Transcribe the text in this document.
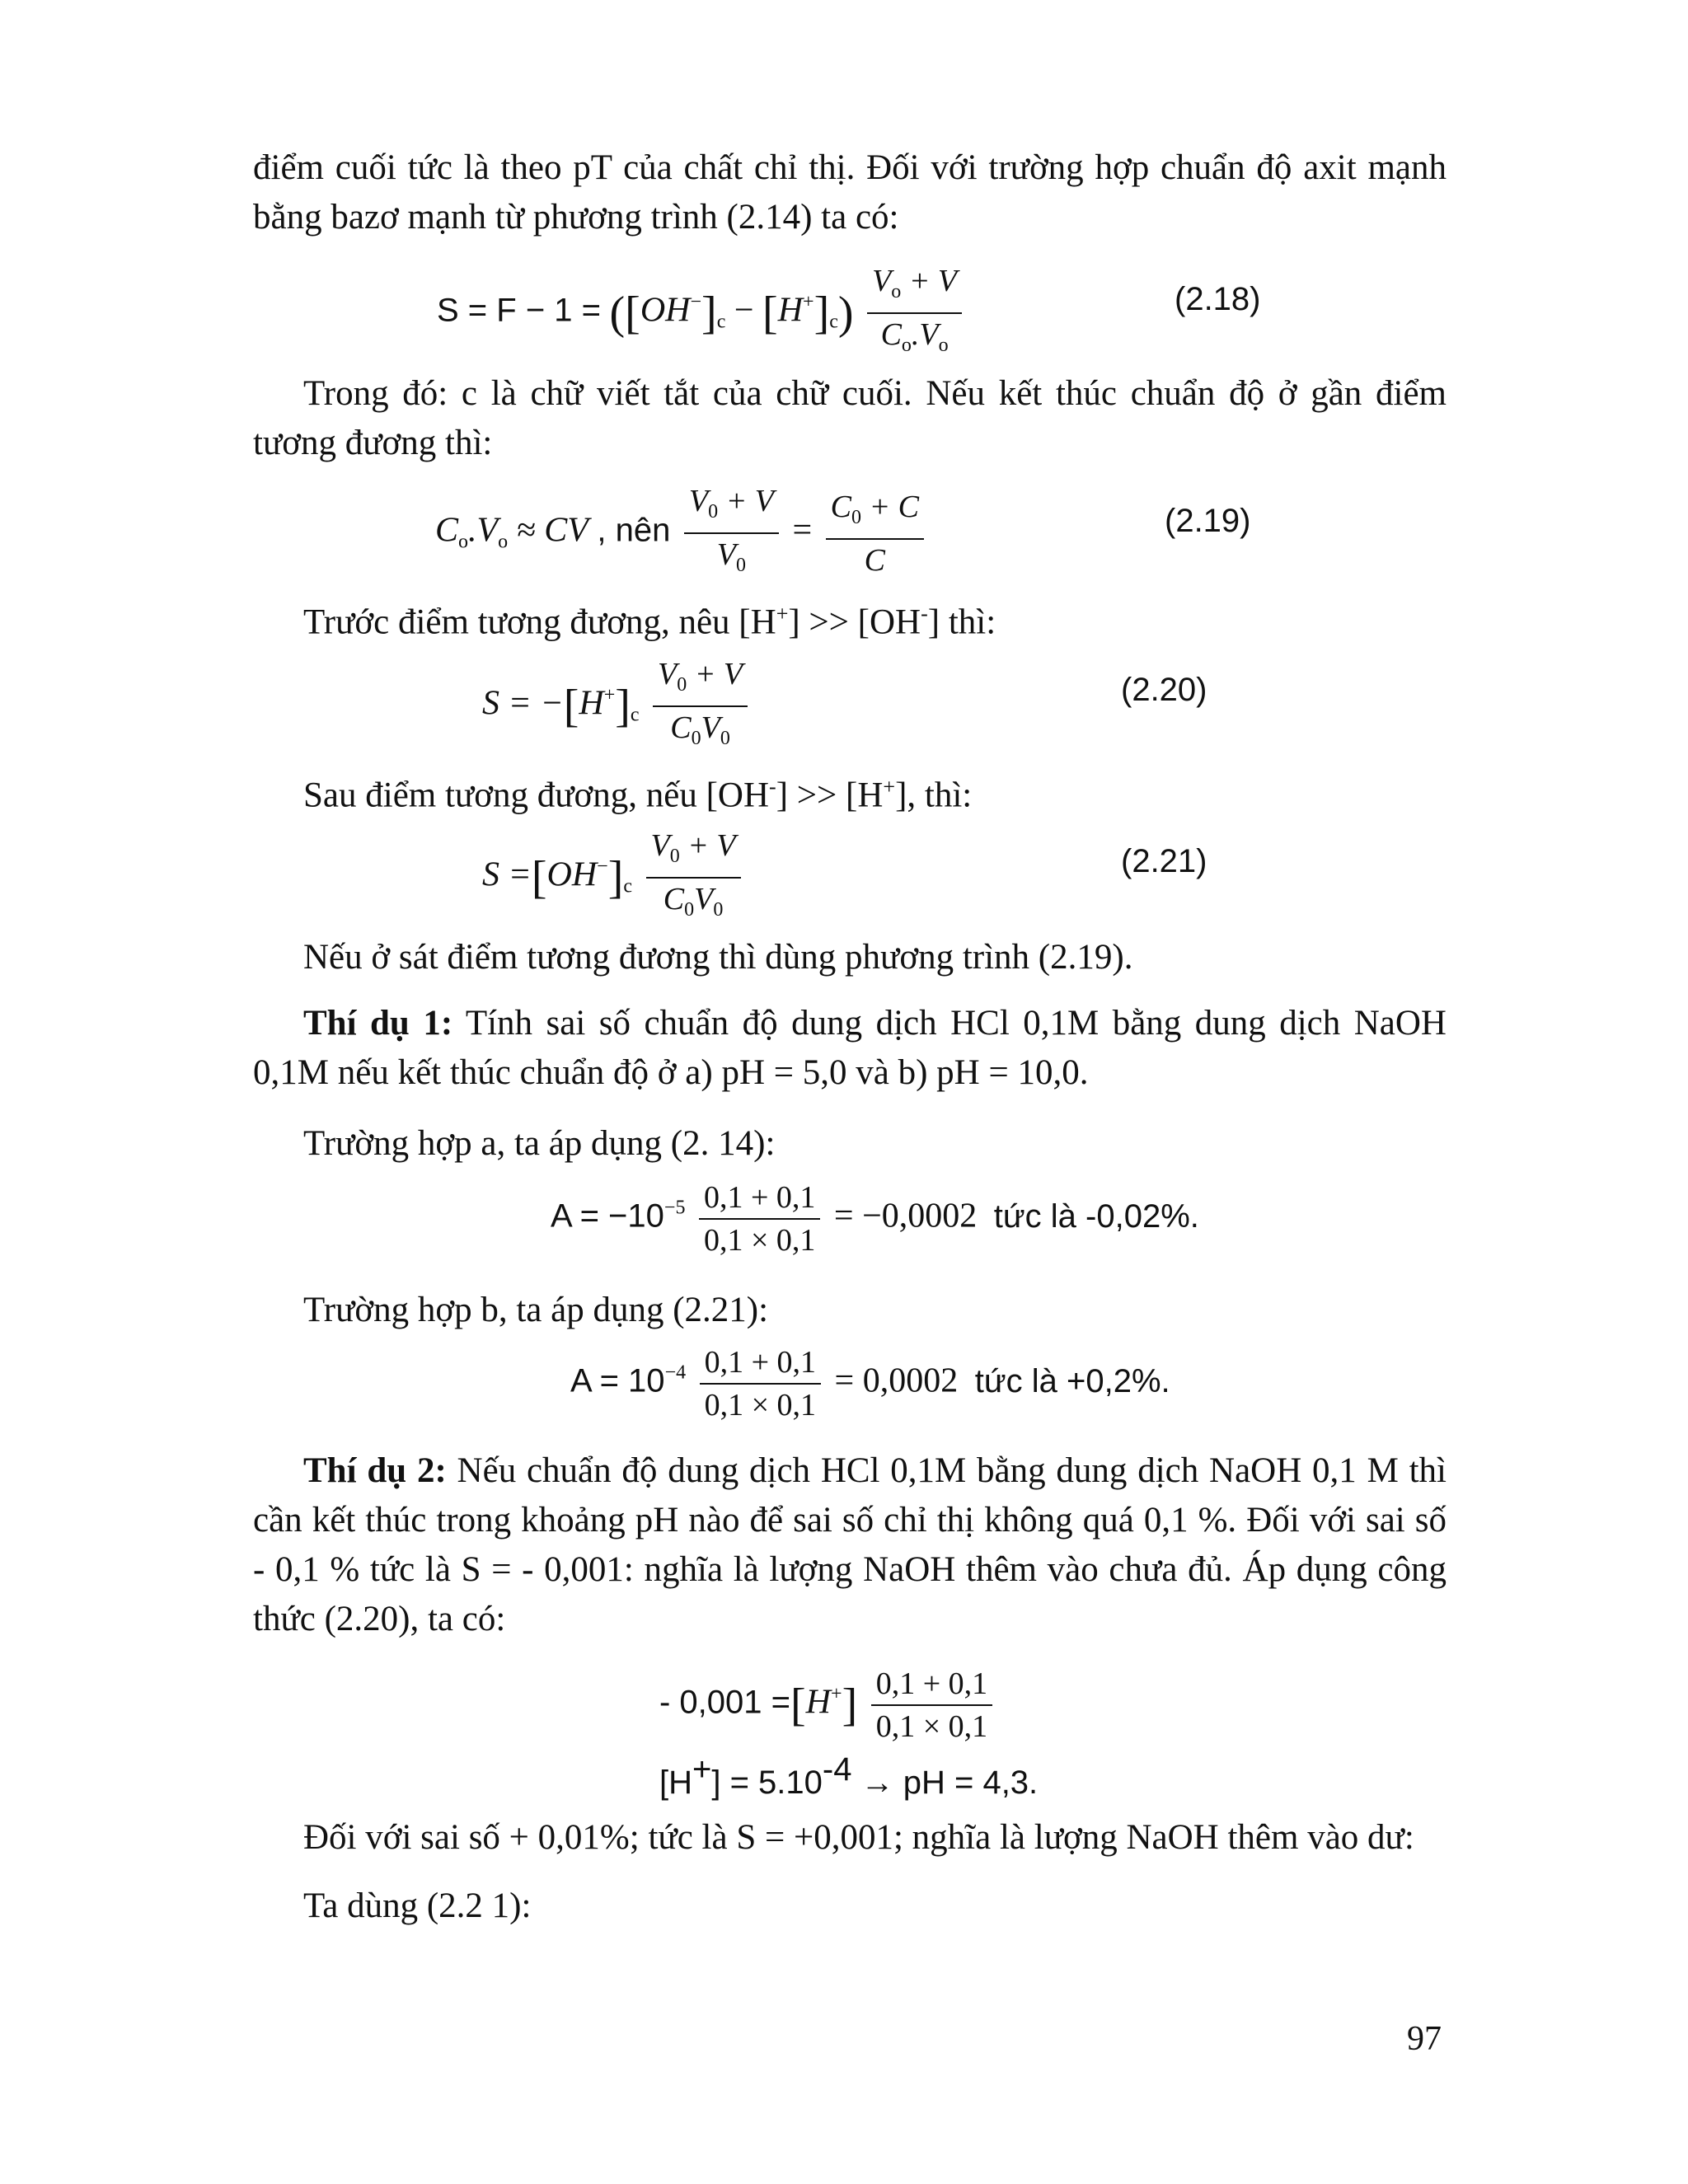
điểm cuối tức là theo pT của chất chỉ thị. Đối với trường hợp chuẩn độ axit mạnh
bằng bazơ mạnh từ phương trình (2.14) ta có:
$S = F - 1 = ([OH^-]_c - [H^+]_c) \frac{V_o + V}{C_o.V_o}$	(2.18)
Trong đó: c là chữ viết tắt của chữ cuối. Nếu kết thúc chuẩn độ ở gần điểm
tương đương thì:
$C_o.V_o$ ≈ CV , nên $\frac{V_0 + V}{V_0} = \frac{C_0 + C}{C}$	(2.19)
Trước điểm tương đương, nêu [H+] >> [OH-] thì:
$S = -[H^+]_c \frac{V_0 + V}{C_0V_0}$	(2.20)
Sau điểm tương đương, nếu [OH-] >> [H+], thì:
$S =[OH^-]_c \frac{V_0 + V}{C_0V_0}$	(2.21)
Nếu ở sát điểm tương đương thì dùng phương trình (2.19).
Thí dụ 1: Tính sai số chuẩn độ dung dịch HCl 0,1M bằng dung dịch NaOH
0,1M nếu kết thúc chuẩn độ ở a) pH = 5,0 và b) pH = 10,0.
Trường hợp a, ta áp dụng (2. 14):
$A = -10^{-5} \frac{0,1 + 0,1}{0,1 \times 0,1} = -0,0002$ tức là -0,02%.
Trường hợp b, ta áp dụng (2.21):
$A = 10^{-4} \frac{0,1 + 0,1}{0,1 \times 0,1} = 0,0002$ tức là +0,2%.
Thí dụ 2: Nếu chuẩn độ dung dịch HCl 0,1M bằng dung dịch NaOH 0,1 M thì
cần kết thúc trong khoảng pH nào để sai số chỉ thị không quá 0,1 %. Đối với sai số
- 0,1 % tức là S = - 0,001: nghĩa là lượng NaOH thêm vào chưa đủ. Áp dụng công
thức (2.20), ta có:
- $0,001 =[H^+] \frac{0,1 + 0,1}{0,1 \times 0,1}$
$[H^+] = 5.10^{-4}$ → pH = 4,3.
Đối với sai số + 0,01%; tức là S = +0,001; nghĩa là lượng NaOH thêm vào dư:
Ta dùng (2.2 1):
97
